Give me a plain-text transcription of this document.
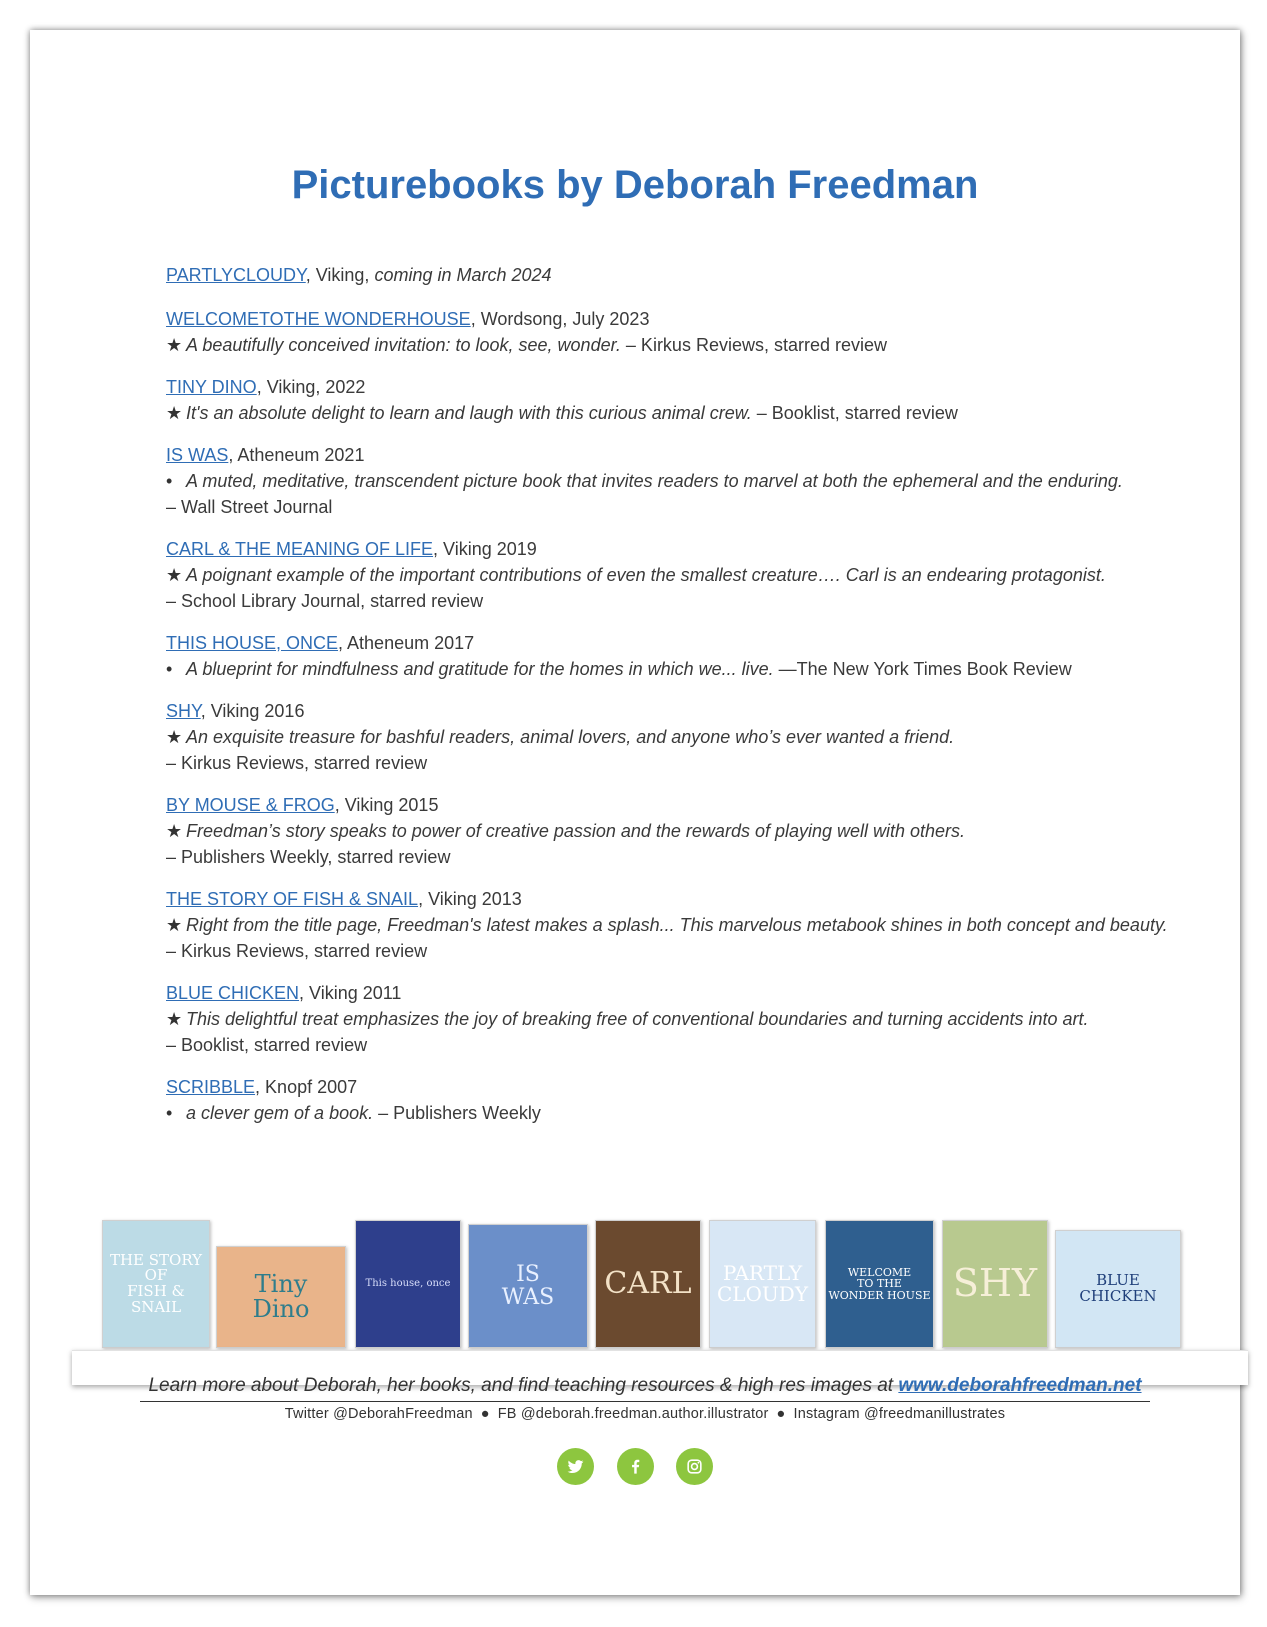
Picturebooks by Deborah Freedman
PARTLYCLOUDY, Viking, coming in March 2024
WELCOMETOTHE WONDERHOUSE, Wordsong, July 2023
★ A beautifully conceived invitation: to look, see, wonder. – Kirkus Reviews, starred review
TINY DINO, Viking, 2022
★ It's an absolute delight to learn and laugh with this curious animal crew. – Booklist, starred review
IS WAS, Atheneum 2021
• A muted, meditative, transcendent picture book that invites readers to marvel at both the ephemeral and the enduring.
– Wall Street Journal
CARL & THE MEANING OF LIFE, Viking 2019
★ A poignant example of the important contributions of even the smallest creature…. Carl is an endearing protagonist.
– School Library Journal, starred review
THIS HOUSE, ONCE, Atheneum 2017
• A blueprint for mindfulness and gratitude for the homes in which we... live. —The New York Times Book Review
SHY, Viking 2016
★ An exquisite treasure for bashful readers, animal lovers, and anyone who’s ever wanted a friend.
– Kirkus Reviews, starred review
BY MOUSE & FROG, Viking 2015
★ Freedman’s story speaks to power of creative passion and the rewards of playing well with others.
– Publishers Weekly, starred review
THE STORY OF FISH & SNAIL, Viking 2013
★ Right from the title page, Freedman's latest makes a splash... This marvelous metabook shines in both concept and beauty.
– Kirkus Reviews, starred review
BLUE CHICKEN, Viking 2011
★ This delightful treat emphasizes the joy of breaking free of conventional boundaries and turning accidents into art.
– Booklist, starred review
SCRIBBLE, Knopf 2007
• a clever gem of a book. – Publishers Weekly
BLUE CHICKEN
SHY
WELCOME
TO THE
WONDER HOUSE
PARTLY
CLOUDY
CARL
IS
WAS
This house, once
Tiny
Dino
THE STORY OF
FISH & SNAIL
Learn more about Deborah, her books, and find teaching resources & high res images at www.deborahfreedman.net
Twitter @DeborahFreedman ● FB @deborah.freedman.author.illustrator ● Instagram @freedmanillustrates
